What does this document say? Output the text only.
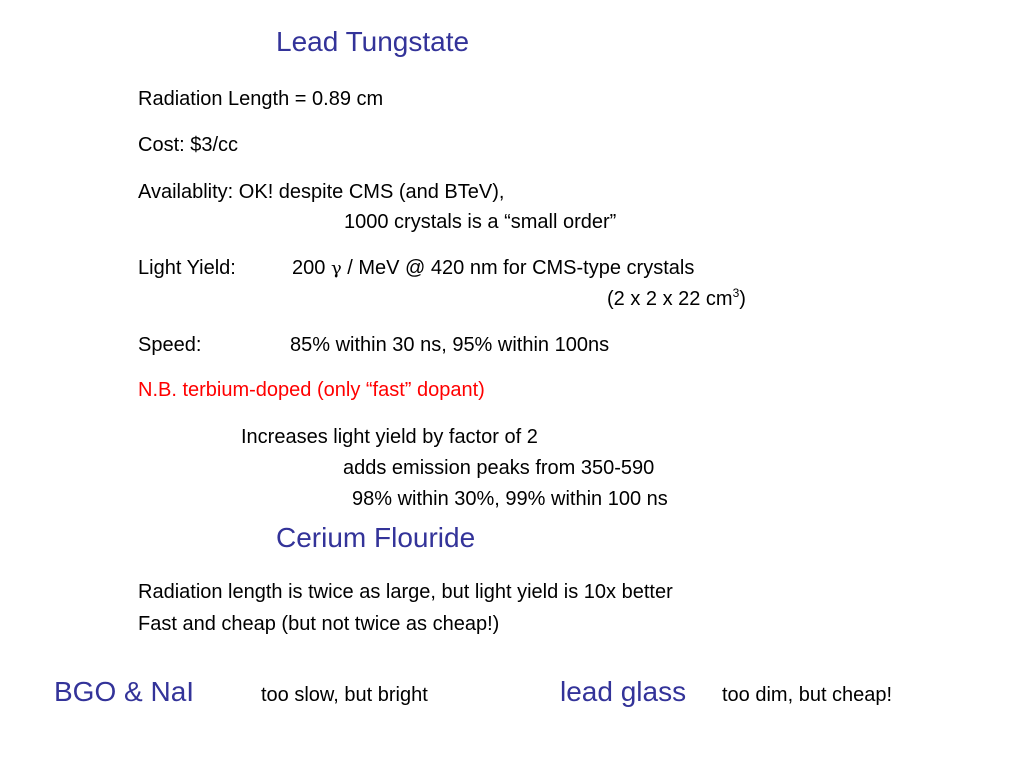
Lead Tungstate
Radiation Length = 0.89 cm
Cost: $3/cc
Availablity: OK! despite CMS (and BTeV),
1000 crystals is a “small order”
Light Yield:	200 γ / MeV @ 420 nm for CMS-type crystals
(2 x 2 x 22 $cm^3$)
Speed:	85% within 30 ns, 95% within 100ns
N.B. terbium-doped (only “fast” dopant)
Increases light yield by factor of 2
adds emission peaks from 350-590
98% within 30%, 99% within 100 ns
Cerium Flouride
Radiation length is twice as large, but light yield is 10x better
Fast and cheap (but not twice as cheap!)
BGO & NaI	too slow, but bright	lead glass too dim, but cheap!
